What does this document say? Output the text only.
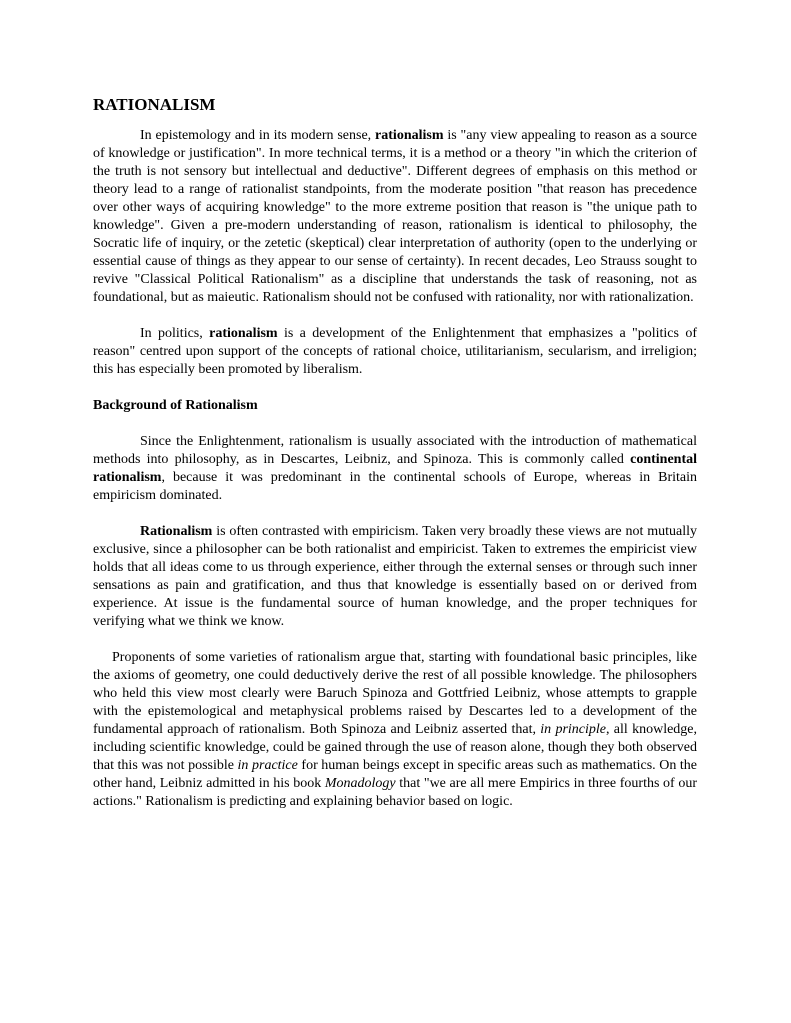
RATIONALISM

In epistemology and in its modern sense, rationalism is "any view appealing to reason as a source of knowledge or justification". In more technical terms, it is a method or a theory "in which the criterion of the truth is not sensory but intellectual and deductive". Different degrees of emphasis on this method or theory lead to a range of rationalist standpoints, from the moderate position "that reason has precedence over other ways of acquiring knowledge" to the more extreme position that reason is "the unique path to knowledge". Given a pre-modern understanding of reason, rationalism is identical to philosophy, the Socratic life of inquiry, or the zetetic (skeptical) clear interpretation of authority (open to the underlying or essential cause of things as they appear to our sense of certainty). In recent decades, Leo Strauss sought to revive "Classical Political Rationalism" as a discipline that understands the task of reasoning, not as foundational, but as maieutic. Rationalism should not be confused with rationality, nor with rationalization.

In politics, rationalism is a development of the Enlightenment that emphasizes a "politics of reason" centred upon support of the concepts of rational choice, utilitarianism, secularism, and irreligion; this has especially been promoted by liberalism.

Background of Rationalism

Since the Enlightenment, rationalism is usually associated with the introduction of mathematical methods into philosophy, as in Descartes, Leibniz, and Spinoza. This is commonly called continental rationalism, because it was predominant in the continental schools of Europe, whereas in Britain empiricism dominated.

Rationalism is often contrasted with empiricism. Taken very broadly these views are not mutually exclusive, since a philosopher can be both rationalist and empiricist. Taken to extremes the empiricist view holds that all ideas come to us through experience, either through the external senses or through such inner sensations as pain and gratification, and thus that knowledge is essentially based on or derived from experience. At issue is the fundamental source of human knowledge, and the proper techniques for verifying what we think we know.

Proponents of some varieties of rationalism argue that, starting with foundational basic principles, like the axioms of geometry, one could deductively derive the rest of all possible knowledge. The philosophers who held this view most clearly were Baruch Spinoza and Gottfried Leibniz, whose attempts to grapple with the epistemological and metaphysical problems raised by Descartes led to a development of the fundamental approach of rationalism. Both Spinoza and Leibniz asserted that, in principle, all knowledge, including scientific knowledge, could be gained through the use of reason alone, though they both observed that this was not possible in practice for human beings except in specific areas such as mathematics. On the other hand, Leibniz admitted in his book Monadology that "we are all mere Empirics in three fourths of our actions." Rationalism is predicting and explaining behavior based on logic.
